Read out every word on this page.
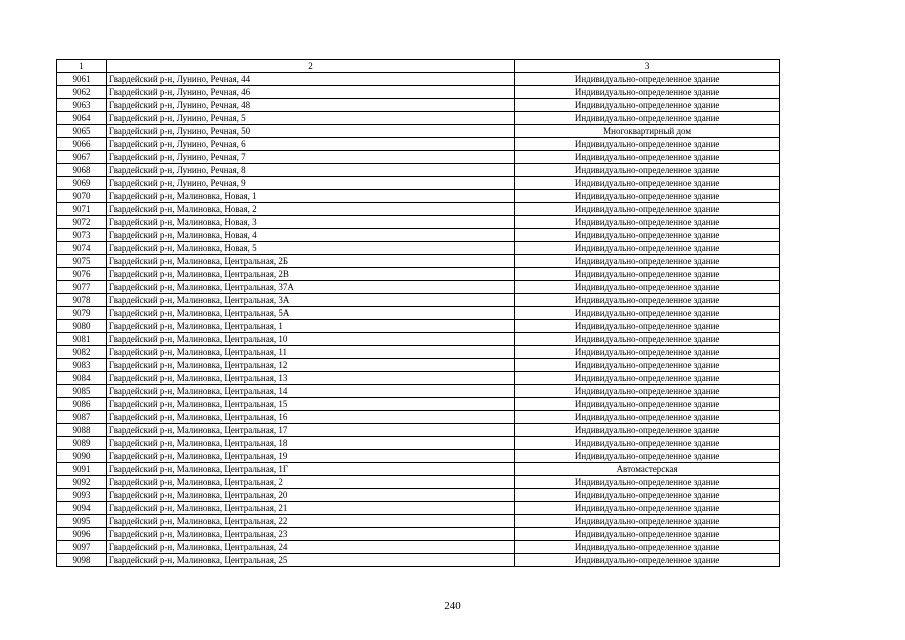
1	2	3
9061	Гвардейский р-н, Лунино, Речная, 44	Индивидуально-определенное здание
9062	Гвардейский р-н, Лунино, Речная, 46	Индивидуально-определенное здание
9063	Гвардейский р-н, Лунино, Речная, 48	Индивидуально-определенное здание
9064	Гвардейский р-н, Лунино, Речная, 5	Индивидуально-определенное здание
9065	Гвардейский р-н, Лунино, Речная, 50	Многоквартирный дом
9066	Гвардейский р-н, Лунино, Речная, 6	Индивидуально-определенное здание
9067	Гвардейский р-н, Лунино, Речная, 7	Индивидуально-определенное здание
9068	Гвардейский р-н, Лунино, Речная, 8	Индивидуально-определенное здание
9069	Гвардейский р-н, Лунино, Речная, 9	Индивидуально-определенное здание
9070	Гвардейский р-н, Малиновка, Новая, 1	Индивидуально-определенное здание
9071	Гвардейский р-н, Малиновка, Новая, 2	Индивидуально-определенное здание
9072	Гвардейский р-н, Малиновка, Новая, 3	Индивидуально-определенное здание
9073	Гвардейский р-н, Малиновка, Новая, 4	Индивидуально-определенное здание
9074	Гвардейский р-н, Малиновка, Новая, 5	Индивидуально-определенное здание
9075	Гвардейский р-н, Малиновка, Центральная, 2Б	Индивидуально-определенное здание
9076	Гвардейский р-н, Малиновка, Центральная, 2В	Индивидуально-определенное здание
9077	Гвардейский р-н, Малиновка, Центральная, 37А	Индивидуально-определенное здание
9078	Гвардейский р-н, Малиновка, Центральная, 3А	Индивидуально-определенное здание
9079	Гвардейский р-н, Малиновка, Центральная, 5А	Индивидуально-определенное здание
9080	Гвардейский р-н, Малиновка, Центральная, 1	Индивидуально-определенное здание
9081	Гвардейский р-н, Малиновка, Центральная, 10	Индивидуально-определенное здание
9082	Гвардейский р-н, Малиновка, Центральная, 11	Индивидуально-определенное здание
9083	Гвардейский р-н, Малиновка, Центральная, 12	Индивидуально-определенное здание
9084	Гвардейский р-н, Малиновка, Центральная, 13	Индивидуально-определенное здание
9085	Гвардейский р-н, Малиновка, Центральная, 14	Индивидуально-определенное здание
9086	Гвардейский р-н, Малиновка, Центральная, 15	Индивидуально-определенное здание
9087	Гвардейский р-н, Малиновка, Центральная, 16	Индивидуально-определенное здание
9088	Гвардейский р-н, Малиновка, Центральная, 17	Индивидуально-определенное здание
9089	Гвардейский р-н, Малиновка, Центральная, 18	Индивидуально-определенное здание
9090	Гвардейский р-н, Малиновка, Центральная, 19	Индивидуально-определенное здание
9091	Гвардейский р-н, Малиновка, Центральная, 1Г	Автомастерская
9092	Гвардейский р-н, Малиновка, Центральная, 2	Индивидуально-определенное здание
9093	Гвардейский р-н, Малиновка, Центральная, 20	Индивидуально-определенное здание
9094	Гвардейский р-н, Малиновка, Центральная, 21	Индивидуально-определенное здание
9095	Гвардейский р-н, Малиновка, Центральная, 22	Индивидуально-определенное здание
9096	Гвардейский р-н, Малиновка, Центральная, 23	Индивидуально-определенное здание
9097	Гвардейский р-н, Малиновка, Центральная, 24	Индивидуально-определенное здание
9098	Гвардейский р-н, Малиновка, Центральная, 25	Индивидуально-определенное здание
240
